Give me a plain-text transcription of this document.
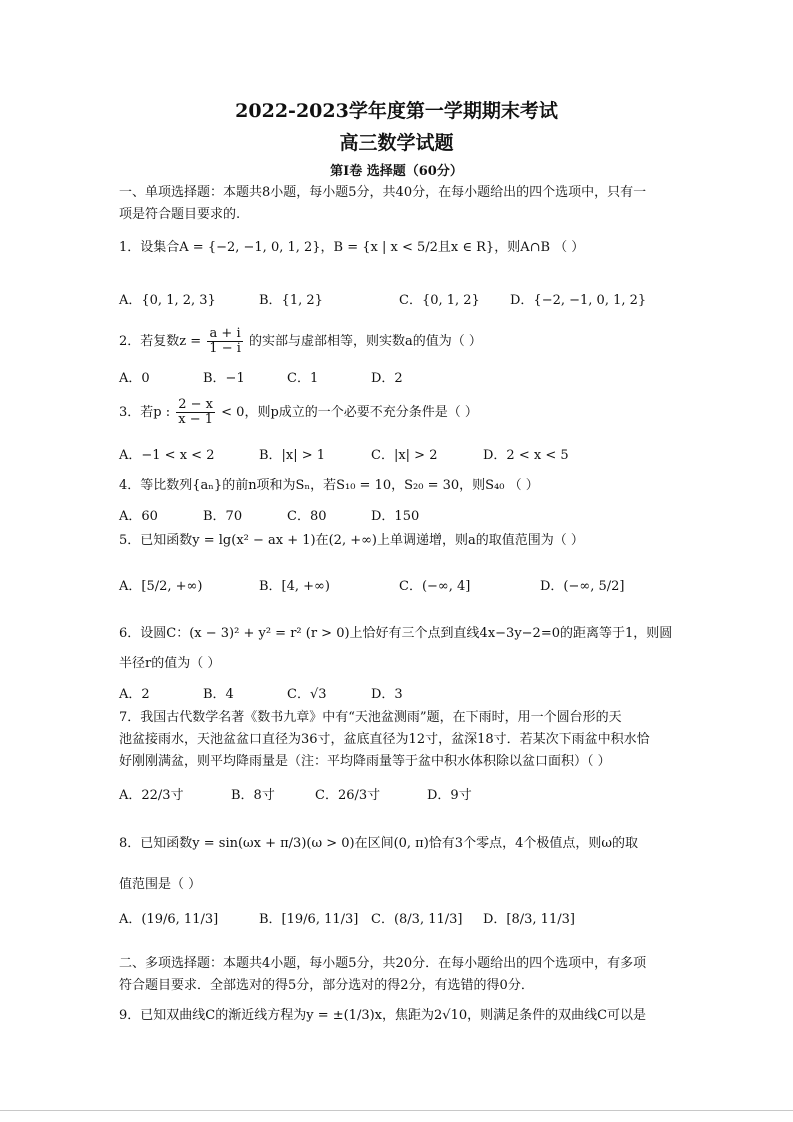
2022-2023学年度第一学期期末考试
高三数学试题
第Ⅰ卷 选择题（60分）
一、单项选择题：本题共8小题，每小题5分，共40分，在每小题给出的四个选项中，只有一
项是符合题目要求的.
1．设集合A = {−2, −1, 0, 1, 2}，B = {x | x < 5/2且x ∈ R}，则A∩B （ ）
A．{0, 1, 2, 3}	B．{1, 2}	C．{0, 1, 2} D．{−2, −1, 0, 1, 2}
2．若复数$z = \frac{a + i}{1 - i}$ 的实部与虚部相等，则实数a的值为（ ）
A．0	B．−1	C．1	D．2
3．若p : $\frac{2 - x}{x - 1} < 0$，则p成立的一个必要不充分条件是（ ）
A．−1 < x < 2	B．|x| > 1	C．|x| > 2	D．2 < x < 5
4．等比数列{aₙ}的前n项和为Sₙ，若S₁₀ = 10，S₂₀ = 30，则S₄₀ （ ）
A．60	B．70	C．80	D．150
5．已知函数y = lg(x² − ax + 1)在(2, +∞)上单调递增，则a的取值范围为（ ）
A．[5/2, +∞)	B．[4, +∞)	C．(−∞, 4]	D．(−∞, 5/2]
6．设圆C：(x − 3)² + y² = r² (r > 0)上恰好有三个点到直线4x−3y−2=0的距离等于1，则圆
半径r的值为（ ）
A．2	B．4	C．√3	D．3
7．我国古代数学名著《数书九章》中有“天池盆测雨”题，在下雨时，用一个圆台形的天
池盆接雨水，天池盆盆口直径为36寸，盆底直径为12寸，盆深18寸．若某次下雨盆中积水恰
好刚刚满盆，则平均降雨量是（注：平均降雨量等于盆中积水体积除以盆口面积）（ ）
A．22/3寸	B．8寸	C．26/3寸	D．9寸
8．已知函数y = sin(ωx + π/3)(ω > 0)在区间(0, π)恰有3个零点，4个极值点，则ω的取
值范围是（ ）
A．(19/6, 11/3]	B．[19/6, 11/3] C．(8/3, 11/3] D．[8/3, 11/3]
二、多项选择题：本题共4小题，每小题5分，共20分．在每小题给出的四个选项中，有多项
符合题目要求．全部选对的得5分，部分选对的得2分，有选错的得0分．
9．已知双曲线C的渐近线方程为y = ±(1/3)x，焦距为2√10，则满足条件的双曲线C可以是
